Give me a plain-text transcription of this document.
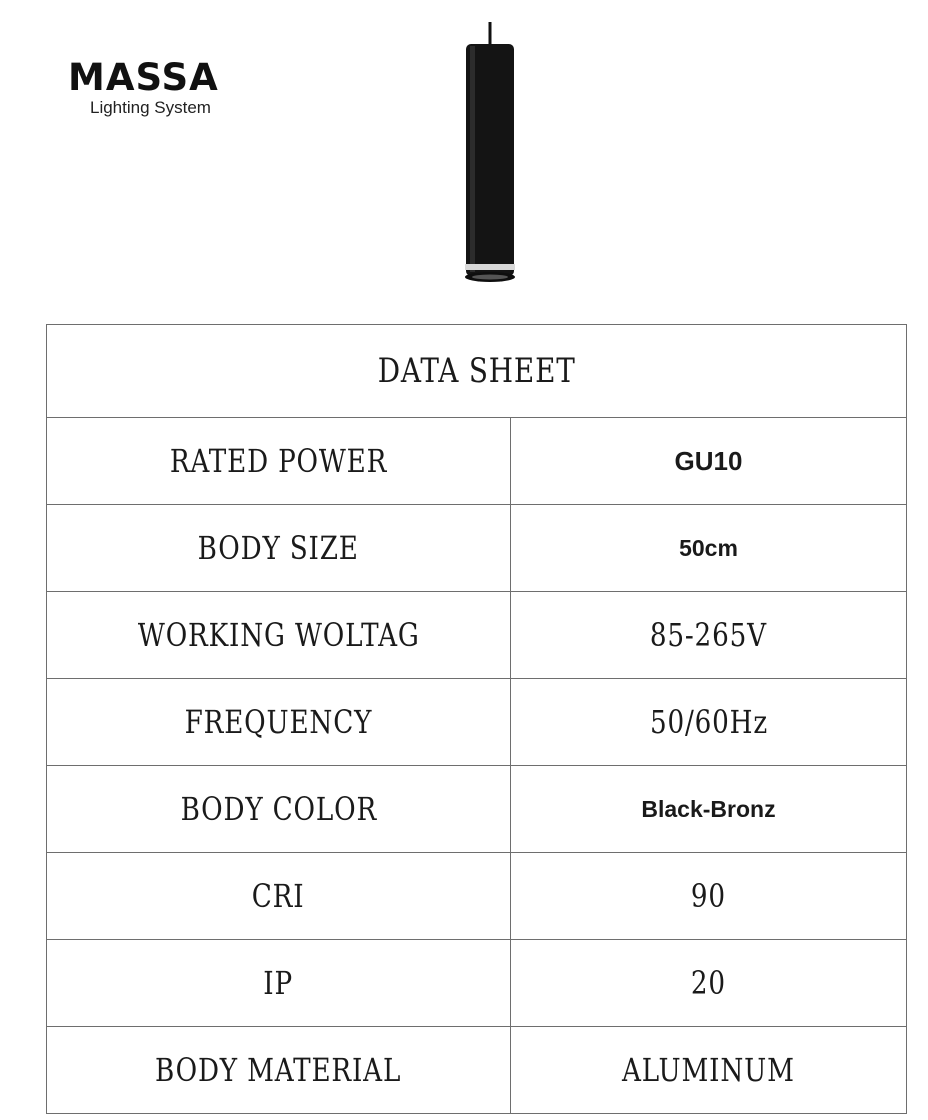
MASSA
Lighting System
DATA SHEET	
RATED POWER	GU10
BODY SIZE	50cm
WORKING WOLTAG	85-265V
FREQUENCY	50/60Hz
BODY COLOR	Black-Bronz
CRI	90
IP	20
BODY MATERIAL	ALUMINUM
